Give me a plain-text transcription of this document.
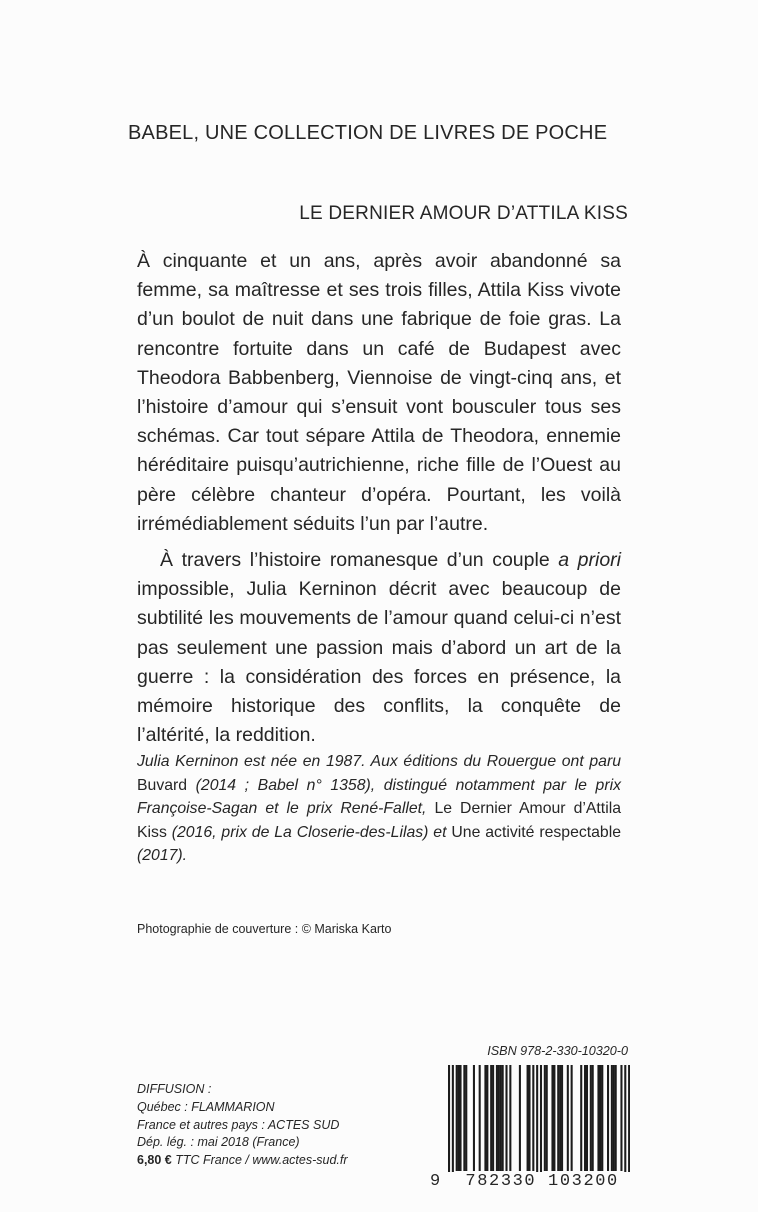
BABEL, UNE COLLECTION DE LIVRES DE POCHE
LE DERNIER AMOUR D’ATTILA KISS

À cinquante et un ans, après avoir abandonné sa femme, sa maîtresse et ses trois filles, Attila Kiss vivote d’un boulot de nuit dans une fabrique de foie gras. La rencontre fortuite dans un café de Budapest avec Theodora Babbenberg, Viennoise de vingt-cinq ans, et l’histoire d’amour qui s’ensuit vont bousculer tous ses schémas. Car tout sépare Attila de Theodora, ennemie héréditaire puisqu’autrichienne, riche fille de l’Ouest au père célèbre chanteur d’opéra. Pourtant, les voilà irrémédiablement séduits l’un par l’autre.

À travers l’histoire romanesque d’un couple a priori impossible, Julia Kerninon décrit avec beaucoup de subtilité les mouvements de l’amour quand celui-ci n’est pas seulement une passion mais d’abord un art de la guerre : la considération des forces en présence, la mémoire historique des conflits, la conquête de l’altérité, la reddition.

Julia Kerninon est née en 1987. Aux éditions du Rouergue ont paru Buvard (2014 ; Babel n° 1358), distingué notamment par le prix Françoise-Sagan et le prix René-Fallet, Le Dernier Amour d’Attila Kiss (2016, prix de La Closerie-des-Lilas) et Une activité respectable (2017).
Photographie de couverture : © Mariska Karto
DIFFUSION :
Québec : FLAMMARION
France et autres pays : ACTES SUD
Dép. lég. : mai 2018 (France)
6,80 € TTC France / www.actes-sud.fr
ISBN 978-2-330-10320-0
9 782330 103200
